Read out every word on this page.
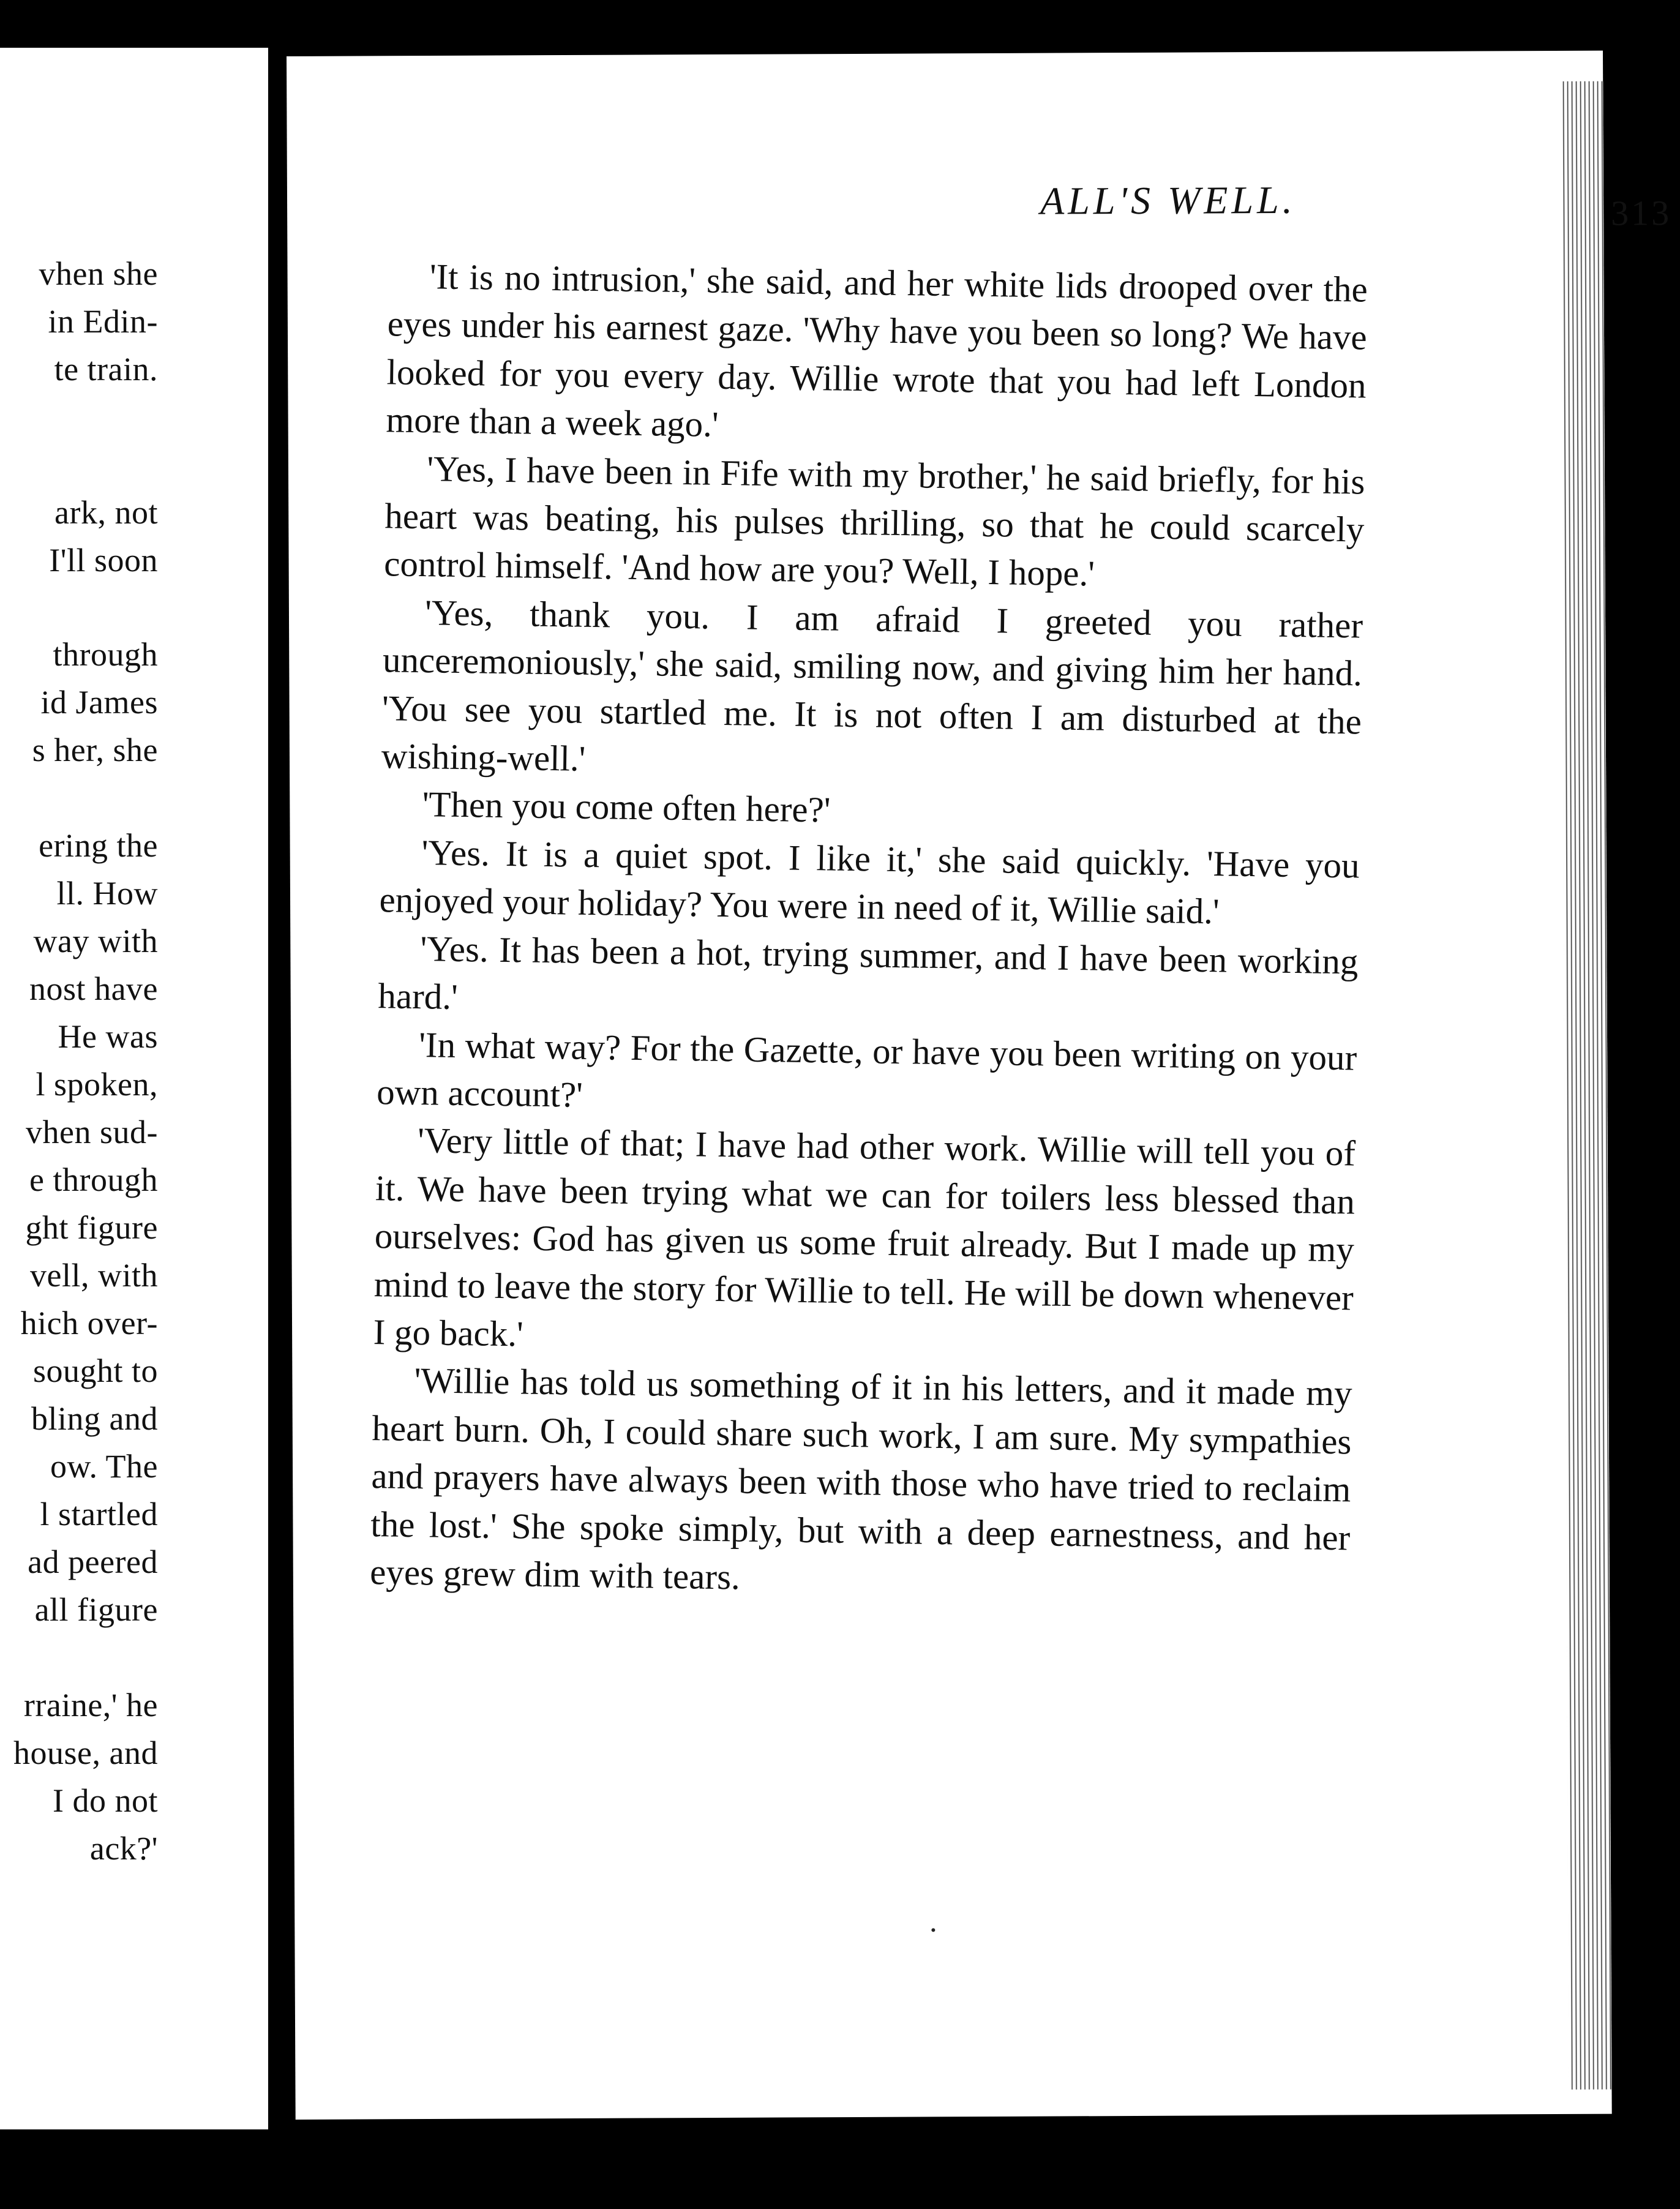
vhen she
in Edin-
te train.
ark, not
I'll soon
through
id James
s her, she
ering the
ll. How
way with
nost have
He was
l spoken,
vhen sud-
e through
ght figure
vell, with
hich over-
sought to
bling and
ow. The
l startled
ad peered
all figure
rraine,' he
house, and
I do not
ack?'
ALL'S WELL.	313

'It is no intrusion,' she said, and her white lids drooped over the eyes under his earnest gaze. 'Why have you been so long? We have looked for you every day. Willie wrote that you had left London more than a week ago.'

'Yes, I have been in Fife with my brother,' he said briefly, for his heart was beating, his pulses thrilling, so that he could scarcely control himself. 'And how are you? Well, I hope.'

'Yes, thank you. I am afraid I greeted you rather unceremoniously,' she said, smiling now, and giving him her hand. 'You see you startled me. It is not often I am disturbed at the wishing-well.'

'Then you come often here?'

'Yes. It is a quiet spot. I like it,' she said quickly. 'Have you enjoyed your holiday? You were in need of it, Willie said.'

'Yes. It has been a hot, trying summer, and I have been working hard.'

'In what way? For the Gazette, or have you been writing on your own account?'

'Very little of that; I have had other work. Willie will tell you of it. We have been trying what we can for toilers less blessed than ourselves: God has given us some fruit already. But I made up my mind to leave the story for Willie to tell. He will be down whenever I go back.'

'Willie has told us something of it in his letters, and it made my heart burn. Oh, I could share such work, I am sure. My sympathies and prayers have always been with those who have tried to reclaim the lost.' She spoke simply, but with a deep earnestness, and her eyes grew dim with tears.
